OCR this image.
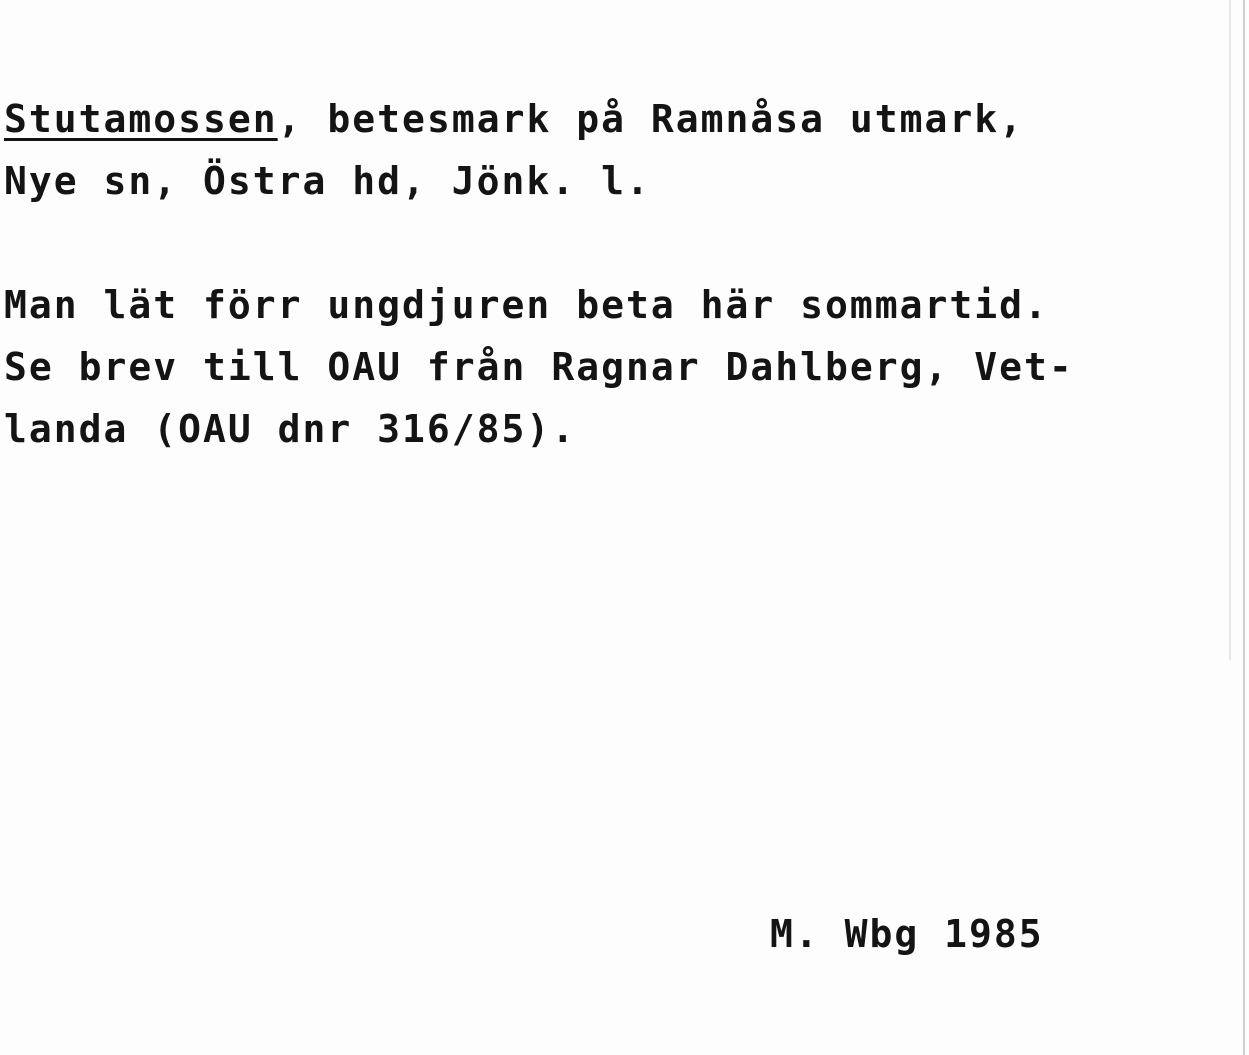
Stutamossen, betesmark på Ramnåsa utmark,
Nye sn, Östra hd, Jönk. l.
Man lät förr ungdjuren beta här sommartid.
Se brev till OAU från Ragnar Dahlberg, Vet-
landa (OAU dnr 316/85).
M. Wbg 1985
